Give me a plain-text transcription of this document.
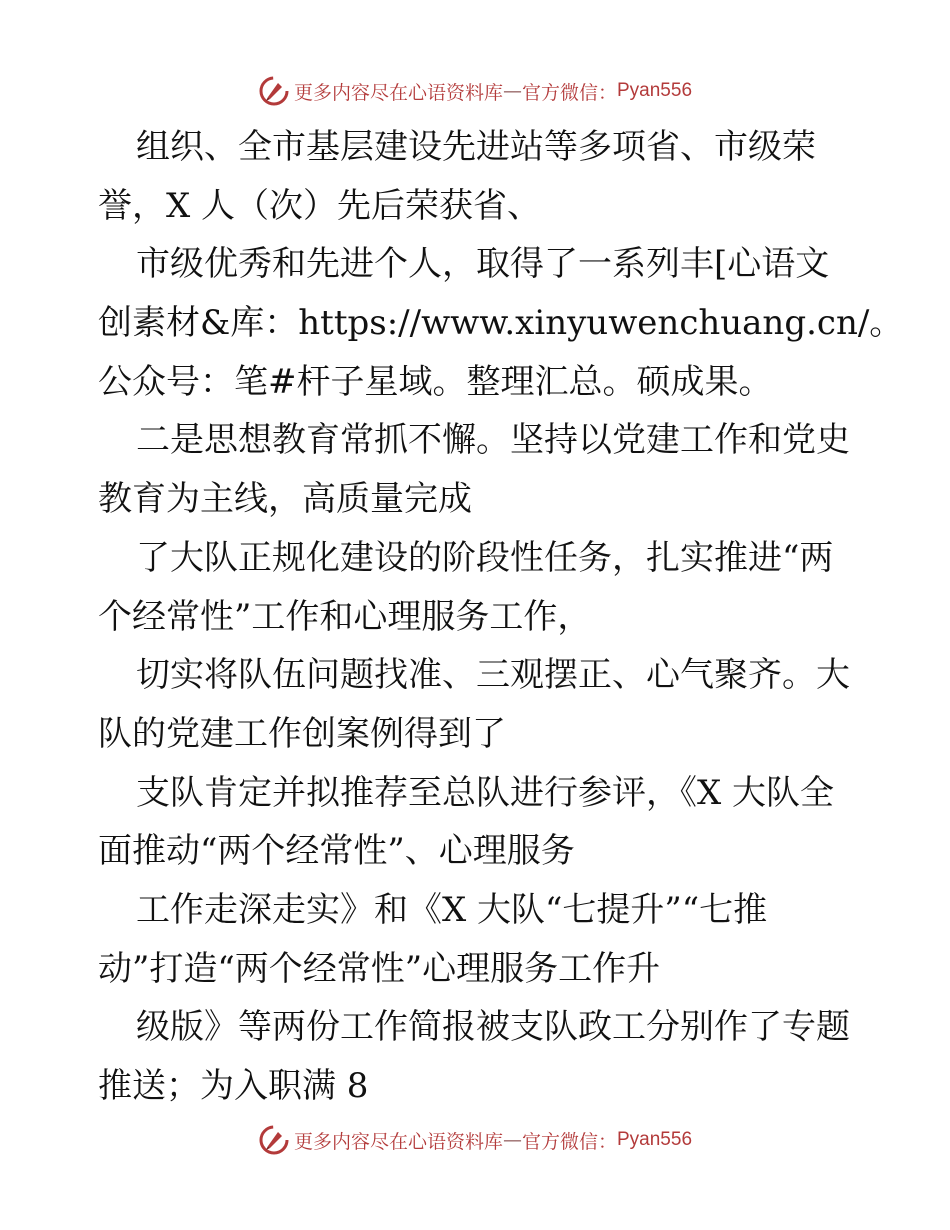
更多内容尽在心语资料库 — 官方微信： Pyan556
组织、全市基层建设先进站等多项省、市级荣
誉，X 人（次）先后荣获省、
市级优秀和先进个人，取得了一系列丰[心语文
创素材&库：https://www.xinyuwenchuang.cn/。
公众号：笔#杆子星域。整理汇总。硕成果。
二是思想教育常抓不懈。坚持以党建工作和党史
教育为主线，高质量完成
了大队正规化建设的阶段性任务，扎实推进“两
个经常性”工作和心理服务工作，
切实将队伍问题找准、三观摆正、心气聚齐。大
队的党建工作创案例得到了
支队肯定并拟推荐至总队进行参评，《X 大队全
面推动“两个经常性”、心理服务
工作走深走实》和《X 大队“七提升”“七推
动”打造“两个经常性”心理服务工作升
级版》等两份工作简报被支队政工分别作了专题
推送；为入职满 8
更多内容尽在心语资料库 — 官方微信： Pyan556
